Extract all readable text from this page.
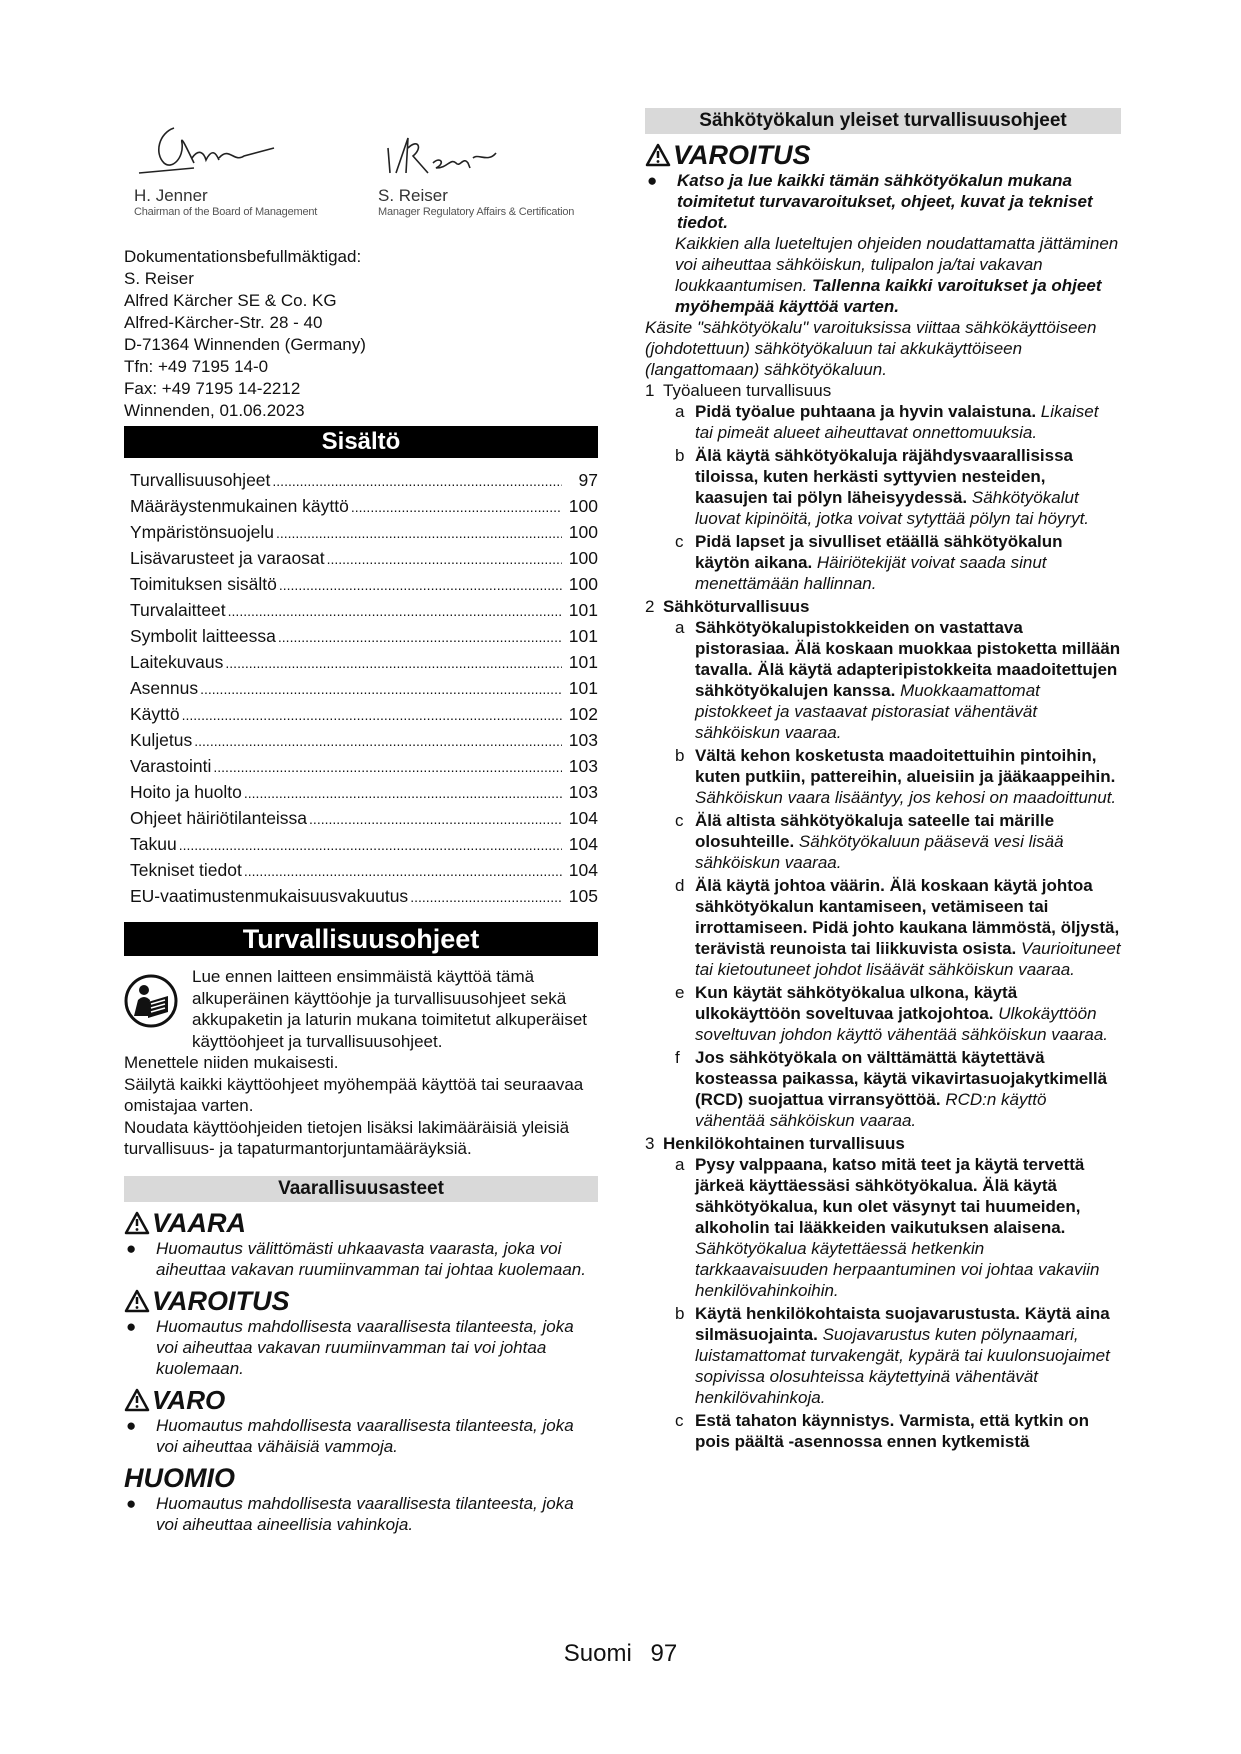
H. Jenner
Chairman of the Board of Management
S. Reiser
Manager Regulatory Affairs & Certification
Dokumentationsbefullmäktigad:
S. Reiser
Alfred Kärcher SE & Co. KG
Alfred-Kärcher-Str. 28 - 40
D-71364 Winnenden (Germany)
Tfn: +49 7195 14-0
Fax: +49 7195 14-2212
Winnenden, 01.06.2023
Sisältö
Turvallisuusohjeet .....	97
Määräystenmukainen käyttö .....	100
Ympäristönsuojelu .....	100
Lisävarusteet ja varaosat .....	100
Toimituksen sisältö .....	100
Turvalaitteet .....	101
Symbolit laitteessa .....	101
Laitekuvaus .....	101
Asennus .....	101
Käyttö .....	102
Kuljetus .....	103
Varastointi .....	103
Hoito ja huolto .....	103
Ohjeet häiriötilanteissa .....	104
Takuu .....	104
Tekniset tiedot .....	104
EU-vaatimustenmukaisuusvakuutus .....	105
Turvallisuusohjeet

Lue ennen laitteen ensimmäistä käyttöä tämä alkuperäinen käyttöohje ja turvallisuusohjeet sekä akkupaketin ja laturin mukana toimitetut alkuperäiset käyttöohjeet ja turvallisuusohjeet.

Menettele niiden mukaisesti.

Säilytä kaikki käyttöohjeet myöhempää käyttöä tai seuraavaa omistajaa varten.

Noudata käyttöohjeiden tietojen lisäksi lakimääräisiä yleisiä turvallisuus- ja tapaturmantorjuntamääräyksiä.

Vaarallisuusasteet
VAARA
●	Huomautus välittömästi uhkaavasta vaarasta, joka voi aiheuttaa vakavan ruumiinvamman tai johtaa kuolemaan.
VAROITUS
●	Huomautus mahdollisesta vaarallisesta tilanteesta, joka voi aiheuttaa vakavan ruumiinvamman tai voi johtaa kuolemaan.
VARO
●	Huomautus mahdollisesta vaarallisesta tilanteesta, joka voi aiheuttaa vähäisiä vammoja.
HUOMIO
●	Huomautus mahdollisesta vaarallisesta tilanteesta, joka voi aiheuttaa aineellisia vahinkoja.
Sähkötyökalun yleiset turvallisuusohjeet
VAROITUS
●	Katso ja lue kaikki tämän sähkötyökalun mukana toimitetut turvavaroitukset, ohjeet, kuvat ja tekniset tiedot.
Kaikkien alla lueteltujen ohjeiden noudattamatta jättäminen voi aiheuttaa sähköiskun, tulipalon ja/tai vakavan loukkaantumisen. Tallenna kaikki varoitukset ja ohjeet myöhempää käyttöä varten.
Käsite "sähkötyökalu" varoituksissa viittaa sähkökäyttöiseen (johdotettuun) sähkötyökaluun tai akkukäyttöiseen (langattomaan) sähkötyökaluun.
1 Työalueen turvallisuus
a Pidä työalue puhtaana ja hyvin valaistuna. Likaiset tai pimeät alueet aiheuttavat onnettomuuksia.
b Älä käytä sähkötyökaluja räjähdysvaarallisissa tiloissa, kuten herkästi syttyvien nesteiden, kaasujen tai pölyn läheisyydessä. Sähkötyökalut luovat kipinöitä, jotka voivat sytyttää pölyn tai höyryt.
c Pidä lapset ja sivulliset etäällä sähkötyökalun käytön aikana. Häiriötekijät voivat saada sinut menettämään hallinnan.
2 Sähköturvallisuus
a Sähkötyökalupistokkeiden on vastattava pistorasiaa. Älä koskaan muokkaa pistoketta millään tavalla. Älä käytä adapteripistokkeita maadoitettujen sähkötyökalujen kanssa. Muokkaamattomat pistokkeet ja vastaavat pistorasiat vähentävät sähköiskun vaaraa.
b Vältä kehon kosketusta maadoitettuihin pintoihin, kuten putkiin, pattereihin, alueisiin ja jääkaappeihin. Sähköiskun vaara lisääntyy, jos kehosi on maadoittunut.
c Älä altista sähkötyökaluja sateelle tai märille olosuhteille. Sähkötyökaluun pääsevä vesi lisää sähköiskun vaaraa.
d Älä käytä johtoa väärin. Älä koskaan käytä johtoa sähkötyökalun kantamiseen, vetämiseen tai irrottamiseen. Pidä johto kaukana lämmöstä, öljystä, terävistä reunoista tai liikkuvista osista. Vaurioituneet tai kietoutuneet johdot lisäävät sähköiskun vaaraa.
e Kun käytät sähkötyökalua ulkona, käytä ulkokäyttöön soveltuvaa jatkojohtoa. Ulkokäyttöön soveltuvan johdon käyttö vähentää sähköiskun vaaraa.
f Jos sähkötyökala on välttämättä käytettävä kosteassa paikassa, käytä vikavirtasuojakytkimellä (RCD) suojattua virransyöttöä. RCD:n käyttö vähentää sähköiskun vaaraa.
3 Henkilökohtainen turvallisuus
a Pysy valppaana, katso mitä teet ja käytä tervettä järkeä käyttäessäsi sähkötyökalua. Älä käytä sähkötyökalua, kun olet väsynyt tai huumeiden, alkoholin tai lääkkeiden vaikutuksen alaisena. Sähkötyökalua käytettäessä hetkenkin tarkkaavaisuuden herpaantuminen voi johtaa vakaviin henkilövahinkoihin.
b Käytä henkilökohtaista suojavarustusta. Käytä aina silmäsuojainta. Suojavarustus kuten pölynaamari, luistamattomat turvakengät, kypärä tai kuulonsuojaimet sopivissa olosuhteissa käytettyinä vähentävät henkilövahinkoja.
c Estä tahaton käynnistys. Varmista, että kytkin on pois päältä -asennossa ennen kytkemistä
Suomi 97
